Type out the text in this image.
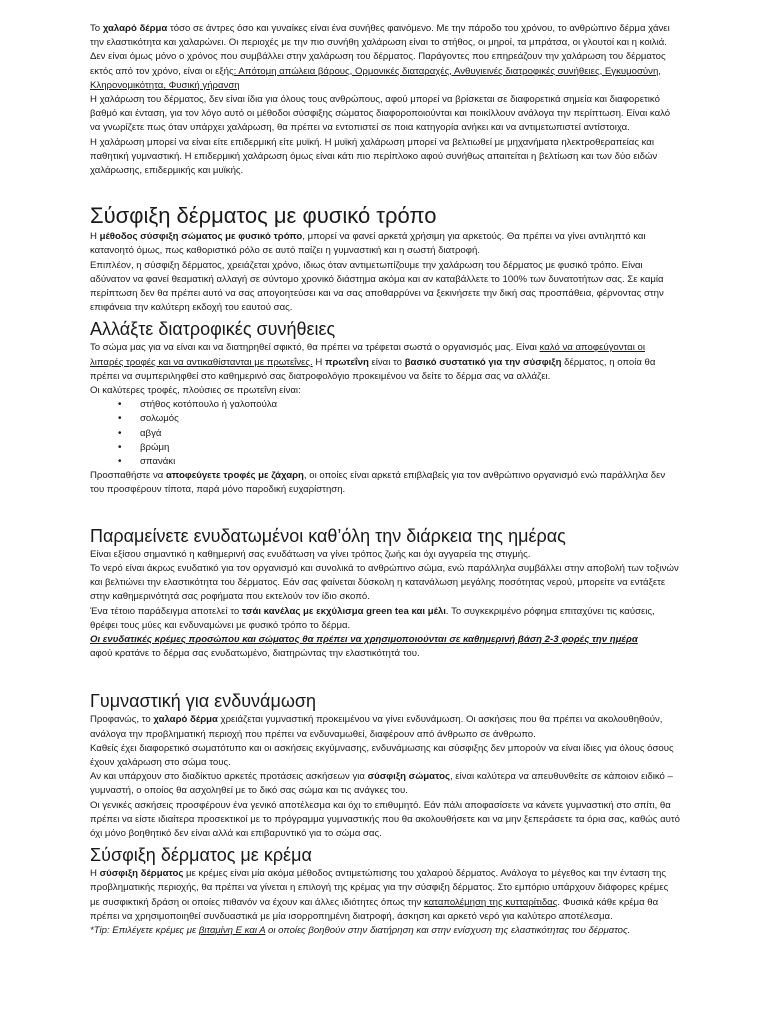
Το χαλαρό δέρμα τόσο σε άντρες όσο και γυναίκες είναι ένα συνήθες φαινόμενο. Με την πάροδο του χρόνου, το ανθρώπινο δέρμα χάνει την ελαστικότητα και χαλαρώνει. Οι περιοχές με την πιο συνήθη χαλάρωση είναι το στήθος, οι μηροί, τα μπράτσα, οι γλουτοί και η κοιλιά. Δεν είναι όμως μόνο ο χρόνος που συμβάλλει στην χαλάρωση του δέρματος. Παράγοντες που επηρεάζουν την χαλάρωση του δέρματος εκτός από τον χρόνο, είναι οι εξής: Απότομη απώλεια βάρους, Ορμονικές διαταραχές, Ανθυγιεινές διατροφικές συνήθειες, Εγκυμοσύνη, Κληρονομικότητα, Φυσική γήρανση

Η χαλάρωση του δέρματος, δεν είναι ίδια για όλους τους ανθρώπους, αφού μπορεί να βρίσκεται σε διαφορετικά σημεία και διαφορετικό βαθμό και ένταση, για τον λόγο αυτό οι μέθοδοι σύσφιξης σώματος διαφοροποιούνται και ποικίλλουν ανάλογα την περίπτωση. Είναι καλό να γνωρίζετε πως όταν υπάρχει χαλάρωση, θα πρέπει να εντοπιστεί σε ποια κατηγορία ανήκει και να αντιμετωπιστεί αντίστοιχα.

Η χαλάρωση μπορεί να είναι είτε επιδερμική είτε μυϊκή. Η μυϊκή χαλάρωση μπορεί να βελτιωθεί με μηχανήματα ηλεκτροθεραπείας και παθητική γυμναστική. Η επιδερμική χαλάρωση όμως είναι κάτι πιο περίπλοκο αφού συνήθως απαιτείται η βελτίωση και των δύο ειδών χαλάρωσης, επιδερμικής και μυϊκής.

Σύσφιξη δέρματος με φυσικό τρόπο

Η μέθοδος σύσφιξη σώματος με φυσικό τρόπο, μπορεί να φανεί αρκετά χρήσιμη για αρκετούς. Θα πρέπει να γίνει αντιληπτό και κατανοητό όμως, πως καθοριστικό ρόλο σε αυτό παίζει η γυμναστική και η σωστή διατροφή.

Επιπλέον, η σύσφιξη δέρματος, χρειάζεται χρόνο, ιδιως όταν αντιμετωπίζουμε την χαλάρωση του δέρματος με φυσικό τρόπο. Είναι αδύνατον να φανεί θεαματική αλλαγή σε σύντομο χρονικό διάστημα ακόμα και αν καταβάλλετε το 100% των δυνατοτήτων σας. Σε καμία περίπτωση δεν θα πρέπει αυτό να σας απογοητεύσει και να σας αποθαρρύνει να ξεκινήσετε την δική σας προσπάθεια, φέρνοντας στην επιφάνεια την καλύτερη εκδοχή του εαυτού σας.

Αλλάξτε διατροφικές συνήθειες

Το σώμα μας για να είναι και να διατηρηθεί σφικτό, θα πρέπει να τρέφεται σωστά ο οργανισμός μας. Είναι καλό να αποφεύγονται οι λιπαρές τροφές και να αντικαθίστανται με πρωτεΐνες. Η πρωτεΐνη είναι το βασικό συστατικό για την σύσφιξη δέρματος, η οποία θα πρέπει να συμπεριληφθεί στο καθημερινό σας διατροφολόγιο προκειμένου να δείτε το δέρμα σας να αλλάζει.

Οι καλύτερες τροφές, πλούσιες σε πρωτεΐνη είναι:

• στήθος κοτόπουλο ή γαλοπούλα
• σολωμός
• αβγά
• βρώμη
• σπανάκι

Προσπαθήστε να αποφεύγετε τροφές με ζάχαρη, οι οποίες είναι αρκετά επιβλαβείς για τον ανθρώπινο οργανισμό ενώ παράλληλα δεν του προσφέρουν τίποτα, παρά μόνο παροδική ευχαρίστηση.

Παραμείνετε ενυδατωμένοι καθ’όλη την διάρκεια της ημέρας

Είναι εξίσου σημαντικό η καθημερινή σας ενυδάτωση να γίνει τρόπος ζωής και όχι αγγαρεία της στιγμής.

Το νερό είναι άκρως ενυδατικό για τον οργανισμό και συνολικά το ανθρώπινο σώμα, ενώ παράλληλα συμβάλλει στην αποβολή των τοξινών και βελτιώνει την ελαστικότητα του δέρματος. Εάν σας φαίνεται δύσκολη η κατανάλωση μεγάλης ποσότητας νερού, μπορείτε να εντάξετε στην καθημερινότητά σας ροφήματα που εκτελούν τον ίδιο σκοπό.

Ένα τέτοιο παράδειγμα αποτελεί το τσάι κανέλας με εκχύλισμα green tea και μέλι. Το συγκεκριμένο ρόφημα επιταχύνει τις καύσεις, θρέφει τους μύες και ενδυναμώνει με φυσικό τρόπο το δέρμα.

Οι ενυδατικές κρέμες προσώπου και σώματος θα πρέπει να χρησιμοποιούνται σε καθημερινή βάση 2-3 φορές την ημέρα

αφού κρατάνε το δέρμα σας ενυδατωμένο, διατηρώντας την ελαστικότητά του.

Γυμναστική για ενδυνάμωση

Προφανώς, το χαλαρό δέρμα χρειάζεται γυμναστική προκειμένου να γίνει ενδυνάμωση. Οι ασκήσεις που θα πρέπει να ακολουθηθούν, ανάλογα την προβληματική περιοχή που πρέπει να ενδυναμωθεί, διαφέρουν από άνθρωπο σε άνθρωπο.

Καθείς έχει διαφορετικό σωματότυπο και οι ασκήσεις εκγύμνασης, ενδυνάμωσης και σύσφιξης δεν μπορούν να είναι ίδιες για όλους όσους έχουν χαλάρωση στο σώμα τους.

Αν και υπάρχουν στο διαδίκτυο αρκετές προτάσεις ασκήσεων για σύσφιξη σώματος, είναι καλύτερα να απευθυνθείτε σε κάποιον ειδικό – γυμναστή, ο οποίος θα ασχοληθεί με το δικό σας σώμα και τις ανάγκες του.

Οι γενικές ασκήσεις προσφέρουν ένα γενικό αποτέλεσμα και όχι το επιθυμητό. Εάν πάλι αποφασίσετε να κάνετε γυμναστική στο σπίτι, θα πρέπει να είστε ιδιαίτερα προσεκτικοί με το πρόγραμμα γυμναστικής που θα ακολουθήσετε και να μην ξεπεράσετε τα όρια σας, καθώς αυτό όχι μόνο βοηθητικό δεν είναι αλλά και επιβαρυντικό για το σώμα σας.

Σύσφιξη δέρματος με κρέμα

Η σύσφιξη δέρματος με κρέμες είναι μία ακόμα μέθοδος αντιμετώπισης του χαλαρού δέρματος. Ανάλογα το μέγεθος και την ένταση της προβληματικής περιοχής, θα πρέπει να γίνεται η επιλογή της κρέμας για την σύσφιξη δέρματος. Στο εμπόριο υπάρχουν διάφορες κρέμες με συσφικτική δράση οι οποίες πιθανόν να έχουν και άλλες ιδιότητες όπως την καταπολέμηση της κυτταρίτιδας. Φυσικά κάθε κρέμα θα πρέπει να χρησιμοποιηθεί συνδυαστικά με μία ισορροπημένη διατροφή, άσκηση και αρκετό νερό για καλύτερο αποτέλεσμα.

*Tip: Επιλέγετε κρέμες με βιταμίνη Ε και Α οι οποίες βοηθούν στην διατήρηση και στην ενίσχυση της ελαστικότητας του δέρματος.
